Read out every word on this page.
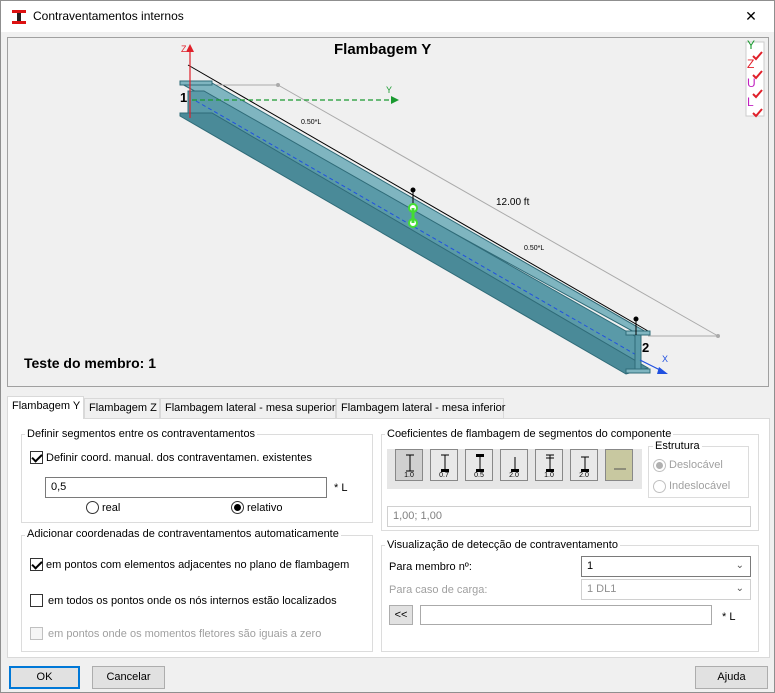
Contraventamentos internos	✕
Flambagem Y
Teste do membro: 1
1
2
12.00 ft
0.50*L
0.50*L
Z
Y
X
Y
Z
U
L
Flambagem Y Flambagem Z Flambagem lateral - mesa superior Flambagem lateral - mesa inferior
Definir segmentos entre os contraventamentos
Definir coord. manual. dos contraventamen. existentes
0,5	* L
real	relativo
Adicionar coordenadas de contraventamentos automaticamente
em pontos com elementos adjacentes no plano de flambagem
em todos os pontos onde os nós internos estão localizados
em pontos onde os momentos fletores são iguais a zero
Coeficientes de flambagem de segmentos do componente
1.0	0.7	0.5	2.0	1.0	2.0
Estrutura
Deslocável
Indeslocável
1,00; 1,00
Visualização de detecção de contraventamento
Para membro nº:	1	⌄
Para caso de carga:	1 DL1	⌄
<<	* L
OK	Cancelar	Ajuda
